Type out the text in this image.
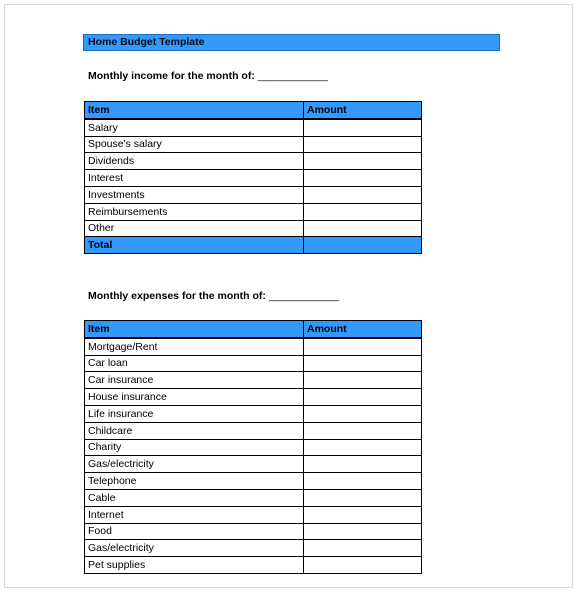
Home Budget Template
Monthly income for the month of: ____________
Item	Amount
Salary	
Spouse's salary	
Dividends	
Interest	
Investments	
Reimbursements	
Other	
Total	
Monthly expenses for the month of: ____________
Item	Amount
Mortgage/Rent	
Car loan	
Car insurance	
House insurance	
Life insurance	
Childcare	
Charity	
Gas/electricity	
Telephone	
Cable	
Internet	
Food	
Gas/electricity	
Pet supplies	
